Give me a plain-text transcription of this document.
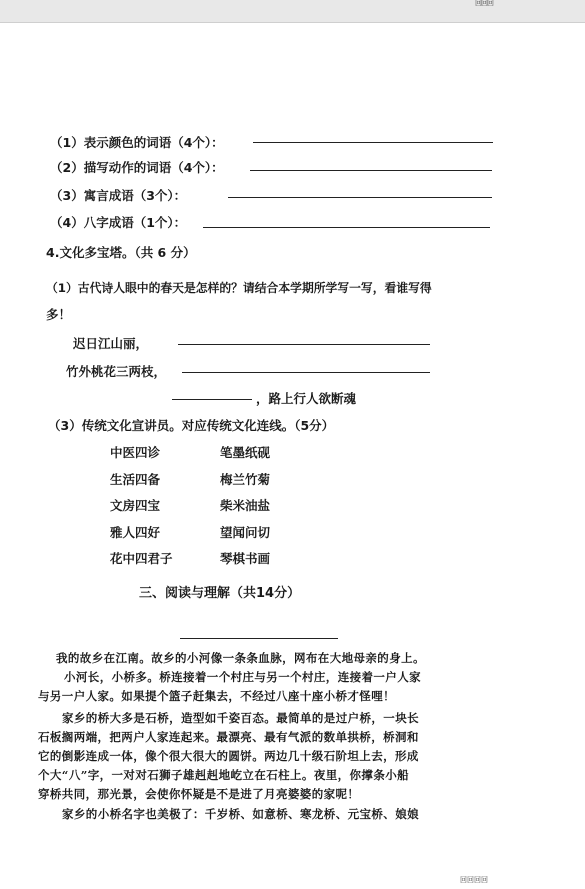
回回回
（1）表示颜色的词语（4个）：
（2）描写动作的词语（4个）：
（3）寓言成语（3个）：
（4）八字成语（1个）：
4.文化多宝塔。（共 6 分）
（1）古代诗人眼中的春天是怎样的？请结合本学期所学写一写，看谁写得
多！
迟日江山丽，
竹外桃花三两枝，
，路上行人欲断魂
（3）传统文化宣讲员。对应传统文化连线。（5分）
中医四诊	笔墨纸砚
生活四备	梅兰竹菊
文房四宝	柴米油盐
雅人四好	望闻问切
花中四君子	琴棋书画
三、阅读与理解（共14分）
我的故乡在江南。故乡的小河像一条条血脉，网布在大地母亲的身上。
小河长，小桥多。桥连接着一个村庄与另一个村庄，连接着一户人家
与另一户人家。如果提个篮子赶集去，不经过八座十座小桥才怪哩！
家乡的桥大多是石桥，造型如千姿百态。最简单的是过户桥，一块长
石板搁两端，把两户人家连起来。最漂亮、最有气派的数单拱桥，桥洞和
它的倒影连成一体，像个很大很大的圆饼。两边几十级石阶坦上去，形成
个大“八”字，一对对石狮子雄赳赳地屹立在石柱上。夜里，你撑条小船
穿桥共同，那光景，会使你怀疑是不是进了月亮婆婆的家呢！
家乡的小桥名字也美极了：千岁桥、如意桥、寒龙桥、元宝桥、娘娘
回回回回
